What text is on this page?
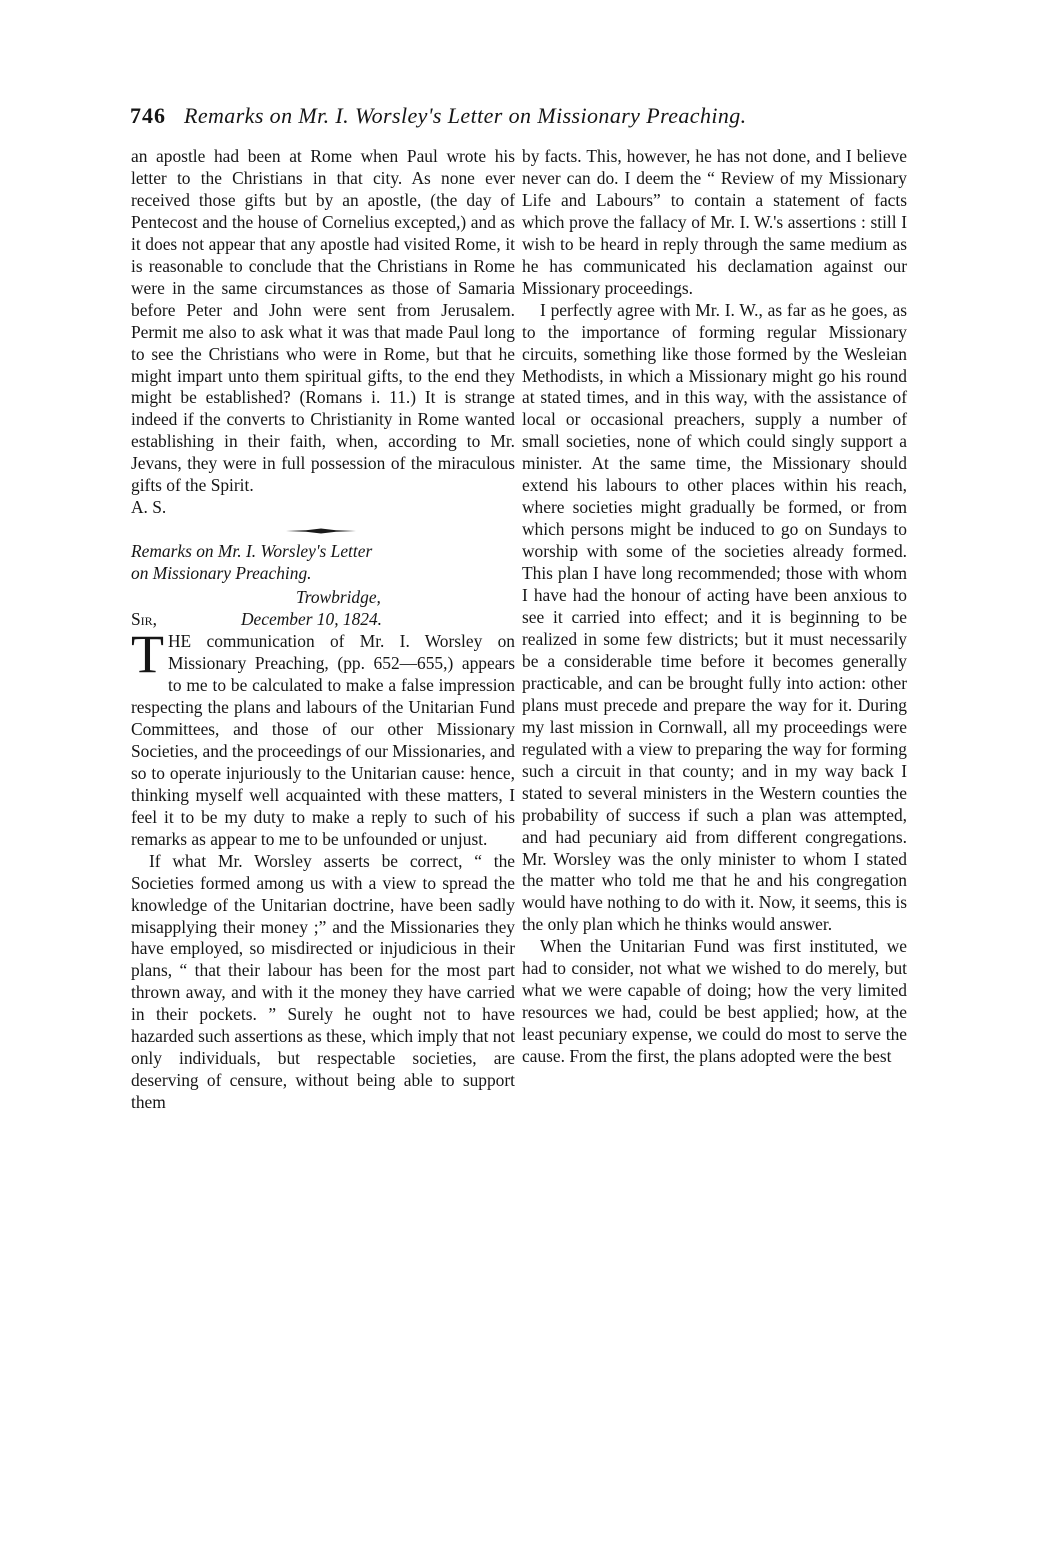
746 Remarks on Mr. I. Worsley's Letter on Missionary Preaching.

an apostle had been at Rome when Paul wrote his letter to the Christians in that city. As none ever received those gifts but by an apostle, (the day of Pentecost and the house of Cornelius excepted,) and as it does not appear that any apostle had visited Rome, it is reasonable to conclude that the Christians in Rome were in the same circumstances as those of Samaria before Peter and John were sent from Jerusalem. Permit me also to ask what it was that made Paul long to see the Christians who were in Rome, but that he might impart unto them spiritual gifts, to the end they might be established? (Romans i. 11.) It is strange indeed if the converts to Christianity in Rome wanted establishing in their faith, when, according to Mr. Jevans, they were in full possession of the miraculous gifts of the Spirit.

A. S.

Remarks on Mr. I. Worsley's Letter
on Missionary Preaching.

Trowbridge,
Sir,	December 10, 1824.

THE communication of Mr. I. Worsley on Missionary Preaching, (pp. 652—655,) appears to me to be calculated to make a false impression respecting the plans and labours of the Unitarian Fund Committees, and those of our other Missionary Societies, and the proceedings of our Missionaries, and so to operate injuriously to the Unitarian cause: hence, thinking myself well acquainted with these matters, I feel it to be my duty to make a reply to such of his remarks as appear to me to be unfounded or unjust.

If what Mr. Worsley asserts be correct, “ the Societies formed among us with a view to spread the knowledge of the Unitarian doctrine, have been sadly misapplying their money ;” and the Missionaries they have employed, so misdirected or injudicious in their plans, “ that their labour has been for the most part thrown away, and with it the money they have carried in their pockets. ” Surely he ought not to have hazarded such assertions as these, which imply that not only individuals, but respectable societies, are deserving of censure, without being able to support them

by facts. This, however, he has not done, and I believe never can do. I deem the “ Review of my Missionary Life and Labours” to contain a statement of facts which prove the fallacy of Mr. I. W.'s assertions : still I wish to be heard in reply through the same medium as he has communicated his declamation against our Missionary proceedings.

I perfectly agree with Mr. I. W., as far as he goes, as to the importance of forming regular Missionary circuits, something like those formed by the Wesleian Methodists, in which a Missionary might go his round at stated times, and in this way, with the assistance of local or occasional preachers, supply a number of small societies, none of which could singly support a minister. At the same time, the Missionary should extend his labours to other places within his reach, where societies might gradually be formed, or from which persons might be induced to go on Sundays to worship with some of the societies already formed. This plan I have long recommended; those with whom I have had the honour of acting have been anxious to see it carried into effect; and it is beginning to be realized in some few districts; but it must necessarily be a considerable time before it becomes generally practicable, and can be brought fully into action: other plans must precede and prepare the way for it. During my last mission in Cornwall, all my proceedings were regulated with a view to preparing the way for forming such a circuit in that county; and in my way back I stated to several ministers in the Western counties the probability of success if such a plan was attempted, and had pecuniary aid from different congregations. Mr. Worsley was the only minister to whom I stated the matter who told me that he and his congregation would have nothing to do with it. Now, it seems, this is the only plan which he thinks would answer.

When the Unitarian Fund was first instituted, we had to consider, not what we wished to do merely, but what we were capable of doing; how the very limited resources we had, could be best applied; how, at the least pecuniary expense, we could do most to serve the cause. From the first, the plans adopted were the best
